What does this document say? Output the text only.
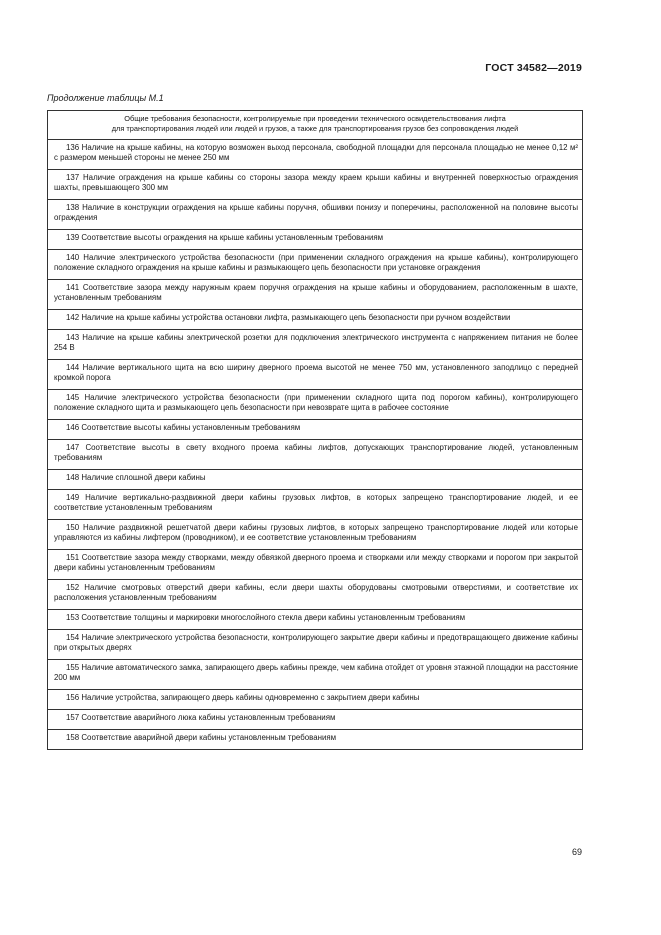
ГОСТ 34582—2019
Продолжение таблицы М.1
Общие требования безопасности, контролируемые при проведении технического освидетельствования лифта
для транспортирования людей или людей и грузов, а также для транспортирования грузов без сопровождения людей

136 Наличие на крыше кабины, на которую возможен выход персонала, свободной площадки для персонала площадью не менее 0,12 м² с размером меньшей стороны не менее 250 мм

137 Наличие ограждения на крыше кабины со стороны зазора между краем крыши кабины и внутренней поверхностью ограждения шахты, превышающего 300 мм

138 Наличие в конструкции ограждения на крыше кабины поручня, обшивки понизу и поперечины, расположенной на половине высоты ограждения

139 Соответствие высоты ограждения на крыше кабины установленным требованиям

140 Наличие электрического устройства безопасности (при применении складного ограждения на крыше кабины), контролирующего положение складного ограждения на крыше кабины и размыкающего цепь безопасности при установке ограждения

141 Соответствие зазора между наружным краем поручня ограждения на крыше кабины и оборудованием, расположенным в шахте, установленным требованиям

142 Наличие на крыше кабины устройства остановки лифта, размыкающего цепь безопасности при ручном воздействии

143 Наличие на крыше кабины электрической розетки для подключения электрического инструмента с напряжением питания не более 254 В

144 Наличие вертикального щита на всю ширину дверного проема высотой не менее 750 мм, установленного заподлицо с передней кромкой порога

145 Наличие электрического устройства безопасности (при применении складного щита под порогом кабины), контролирующего положение складного щита и размыкающего цепь безопасности при невозврате щита в рабочее состояние

146 Соответствие высоты кабины установленным требованиям

147 Соответствие высоты в свету входного проема кабины лифтов, допускающих транспортирование людей, установленным требованиям

148 Наличие сплошной двери кабины

149 Наличие вертикально-раздвижной двери кабины грузовых лифтов, в которых запрещено транспортирование людей, и ее соответствие установленным требованиям

150 Наличие раздвижной решетчатой двери кабины грузовых лифтов, в которых запрещено транспортирование людей или которые управляются из кабины лифтером (проводником), и ее соответствие установленным требованиям

151 Соответствие зазора между створками, между обвязкой дверного проема и створками или между створками и порогом при закрытой двери кабины установленным требованиям

152 Наличие смотровых отверстий двери кабины, если двери шахты оборудованы смотровыми отверстиями, и соответствие их расположения установленным требованиям

153 Соответствие толщины и маркировки многослойного стекла двери кабины установленным требованиям

154 Наличие электрического устройства безопасности, контролирующего закрытие двери кабины и предотвращающего движение кабины при открытых дверях

155 Наличие автоматического замка, запирающего дверь кабины прежде, чем кабина отойдет от уровня этажной площадки на расстояние 200 мм

156 Наличие устройства, запирающего дверь кабины одновременно с закрытием двери кабины

157 Соответствие аварийного люка кабины установленным требованиям

158 Соответствие аварийной двери кабины установленным требованиям
69
